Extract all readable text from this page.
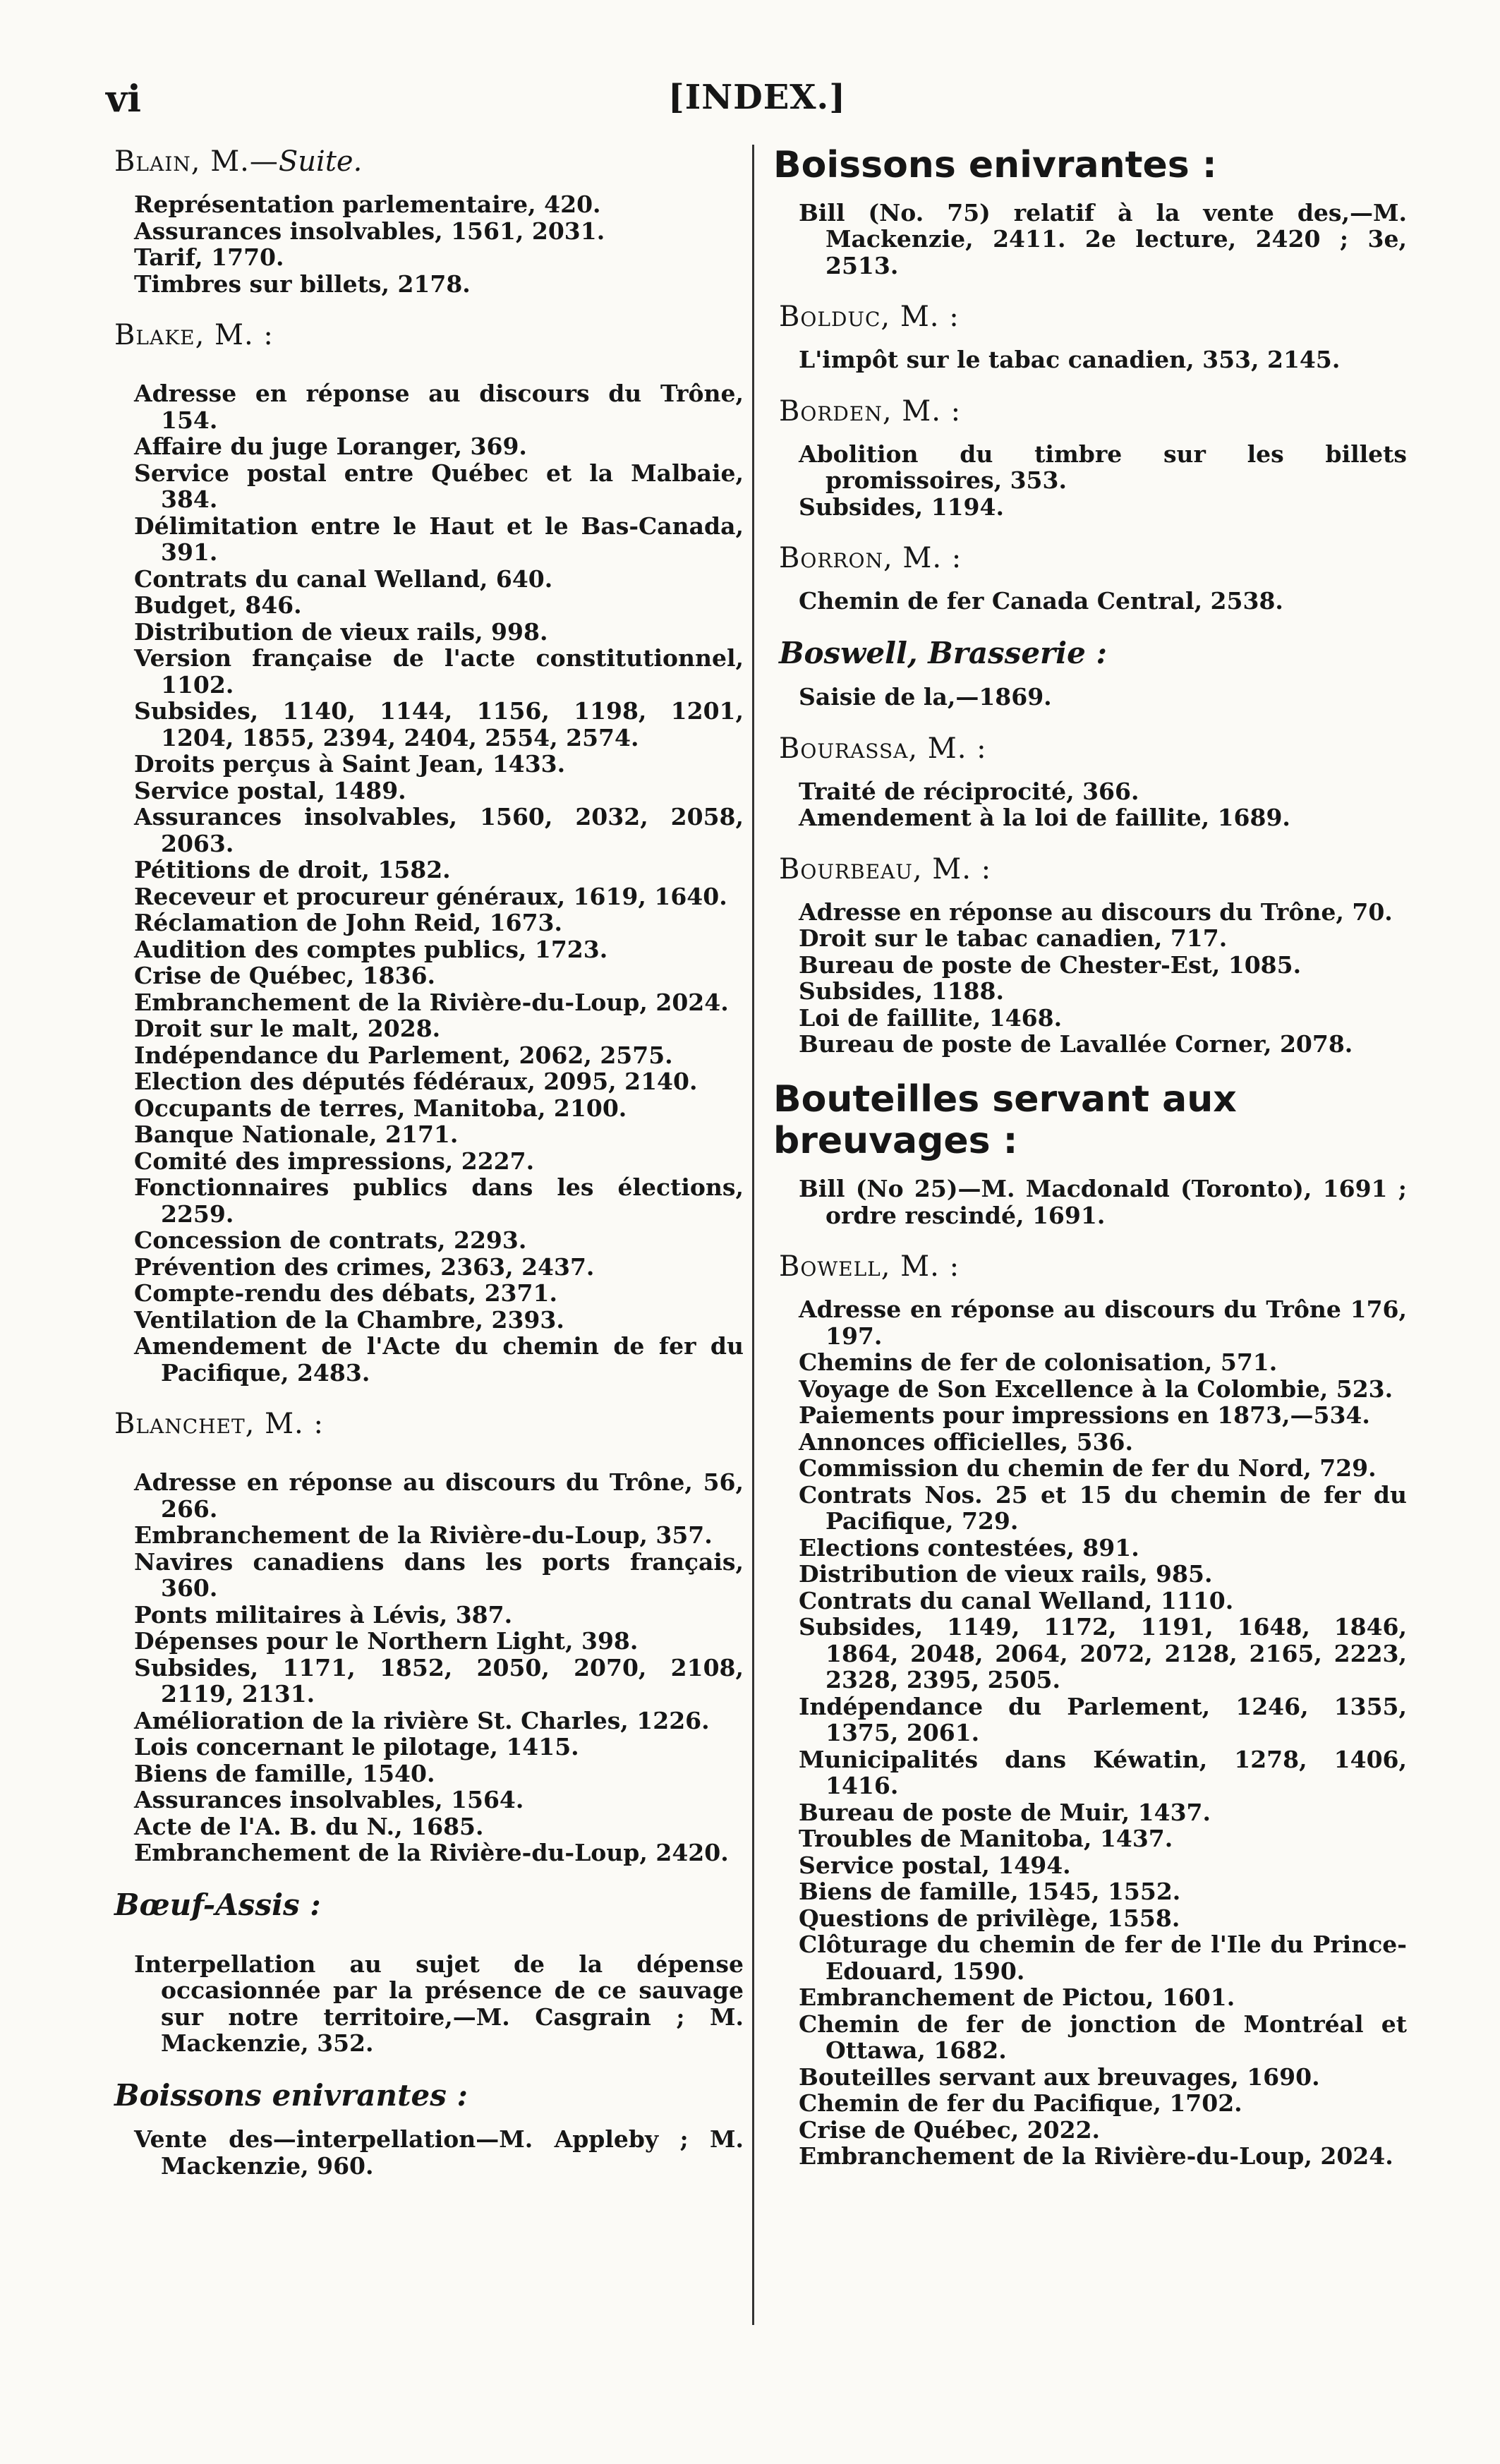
vi	[INDEX.]
Blain, M.—Suite.

Représentation parlementaire, 420.

Assurances insolvables, 1561, 2031.

Tarif, 1770.

Timbres sur billets, 2178.

Blake, M. :

Adresse en réponse au discours du Trône, 154.

Affaire du juge Loranger, 369.

Service postal entre Québec et la Malbaie, 384.

Délimitation entre le Haut et le Bas-Canada, 391.

Contrats du canal Welland, 640.

Budget, 846.

Distribution de vieux rails, 998.

Version française de l'acte constitutionnel, 1102.

Subsides, 1140, 1144, 1156, 1198, 1201, 1204, 1855, 2394, 2404, 2554, 2574.

Droits perçus à Saint Jean, 1433.

Service postal, 1489.

Assurances insolvables, 1560, 2032, 2058, 2063.

Pétitions de droit, 1582.

Receveur et procureur généraux, 1619, 1640.

Réclamation de John Reid, 1673.

Audition des comptes publics, 1723.

Crise de Québec, 1836.

Embranchement de la Rivière-du-Loup, 2024.

Droit sur le malt, 2028.

Indépendance du Parlement, 2062, 2575.

Election des députés fédéraux, 2095, 2140.

Occupants de terres, Manitoba, 2100.

Banque Nationale, 2171.

Comité des impressions, 2227.

Fonctionnaires publics dans les élections, 2259.

Concession de contrats, 2293.

Prévention des crimes, 2363, 2437.

Compte-rendu des débats, 2371.

Ventilation de la Chambre, 2393.

Amendement de l'Acte du chemin de fer du Pacifique, 2483.

Blanchet, M. :

Adresse en réponse au discours du Trône, 56, 266.

Embranchement de la Rivière-du-Loup, 357.

Navires canadiens dans les ports français, 360.

Ponts militaires à Lévis, 387.

Dépenses pour le Northern Light, 398.

Subsides, 1171, 1852, 2050, 2070, 2108, 2119, 2131.

Amélioration de la rivière St. Charles, 1226.

Lois concernant le pilotage, 1415.

Biens de famille, 1540.

Assurances insolvables, 1564.

Acte de l'A. B. du N., 1685.

Embranchement de la Rivière-du-Loup, 2420.

Bœuf-Assis :

Interpellation au sujet de la dépense occasionnée par la présence de ce sauvage sur notre territoire,—M. Casgrain ; M. Mackenzie, 352.

Boissons enivrantes :

Vente des—interpellation—M. Appleby ; M. Mackenzie, 960.

Boissons enivrantes :

Bill (No. 75) relatif à la vente des,—M. Mackenzie, 2411. 2e lecture, 2420 ; 3e, 2513.

Bolduc, M. :

L'impôt sur le tabac canadien, 353, 2145.

Borden, M. :

Abolition du timbre sur les billets promissoires, 353.

Subsides, 1194.

Borron, M. :

Chemin de fer Canada Central, 2538.

Boswell, Brasserie :

Saisie de la,—1869.

Bourassa, M. :

Traité de réciprocité, 366.

Amendement à la loi de faillite, 1689.

Bourbeau, M. :

Adresse en réponse au discours du Trône, 70.

Droit sur le tabac canadien, 717.

Bureau de poste de Chester-Est, 1085.

Subsides, 1188.

Loi de faillite, 1468.

Bureau de poste de Lavallée Corner, 2078.

Bouteilles servant aux breuvages :

Bill (No 25)—M. Macdonald (Toronto), 1691 ; ordre rescindé, 1691.

Bowell, M. :

Adresse en réponse au discours du Trône 176, 197.

Chemins de fer de colonisation, 571.

Voyage de Son Excellence à la Colombie, 523.

Paiements pour impressions en 1873,—534.

Annonces officielles, 536.

Commission du chemin de fer du Nord, 729.

Contrats Nos. 25 et 15 du chemin de fer du Pacifique, 729.

Elections contestées, 891.

Distribution de vieux rails, 985.

Contrats du canal Welland, 1110.

Subsides, 1149, 1172, 1191, 1648, 1846, 1864, 2048, 2064, 2072, 2128, 2165, 2223, 2328, 2395, 2505.

Indépendance du Parlement, 1246, 1355, 1375, 2061.

Municipalités dans Kéwatin, 1278, 1406, 1416.

Bureau de poste de Muir, 1437.

Troubles de Manitoba, 1437.

Service postal, 1494.

Biens de famille, 1545, 1552.

Questions de privilège, 1558.

Clôturage du chemin de fer de l'Ile du Prince-Edouard, 1590.

Embranchement de Pictou, 1601.

Chemin de fer de jonction de Montréal et Ottawa, 1682.

Bouteilles servant aux breuvages, 1690.

Chemin de fer du Pacifique, 1702.

Crise de Québec, 2022.

Embranchement de la Rivière-du-Loup, 2024.
